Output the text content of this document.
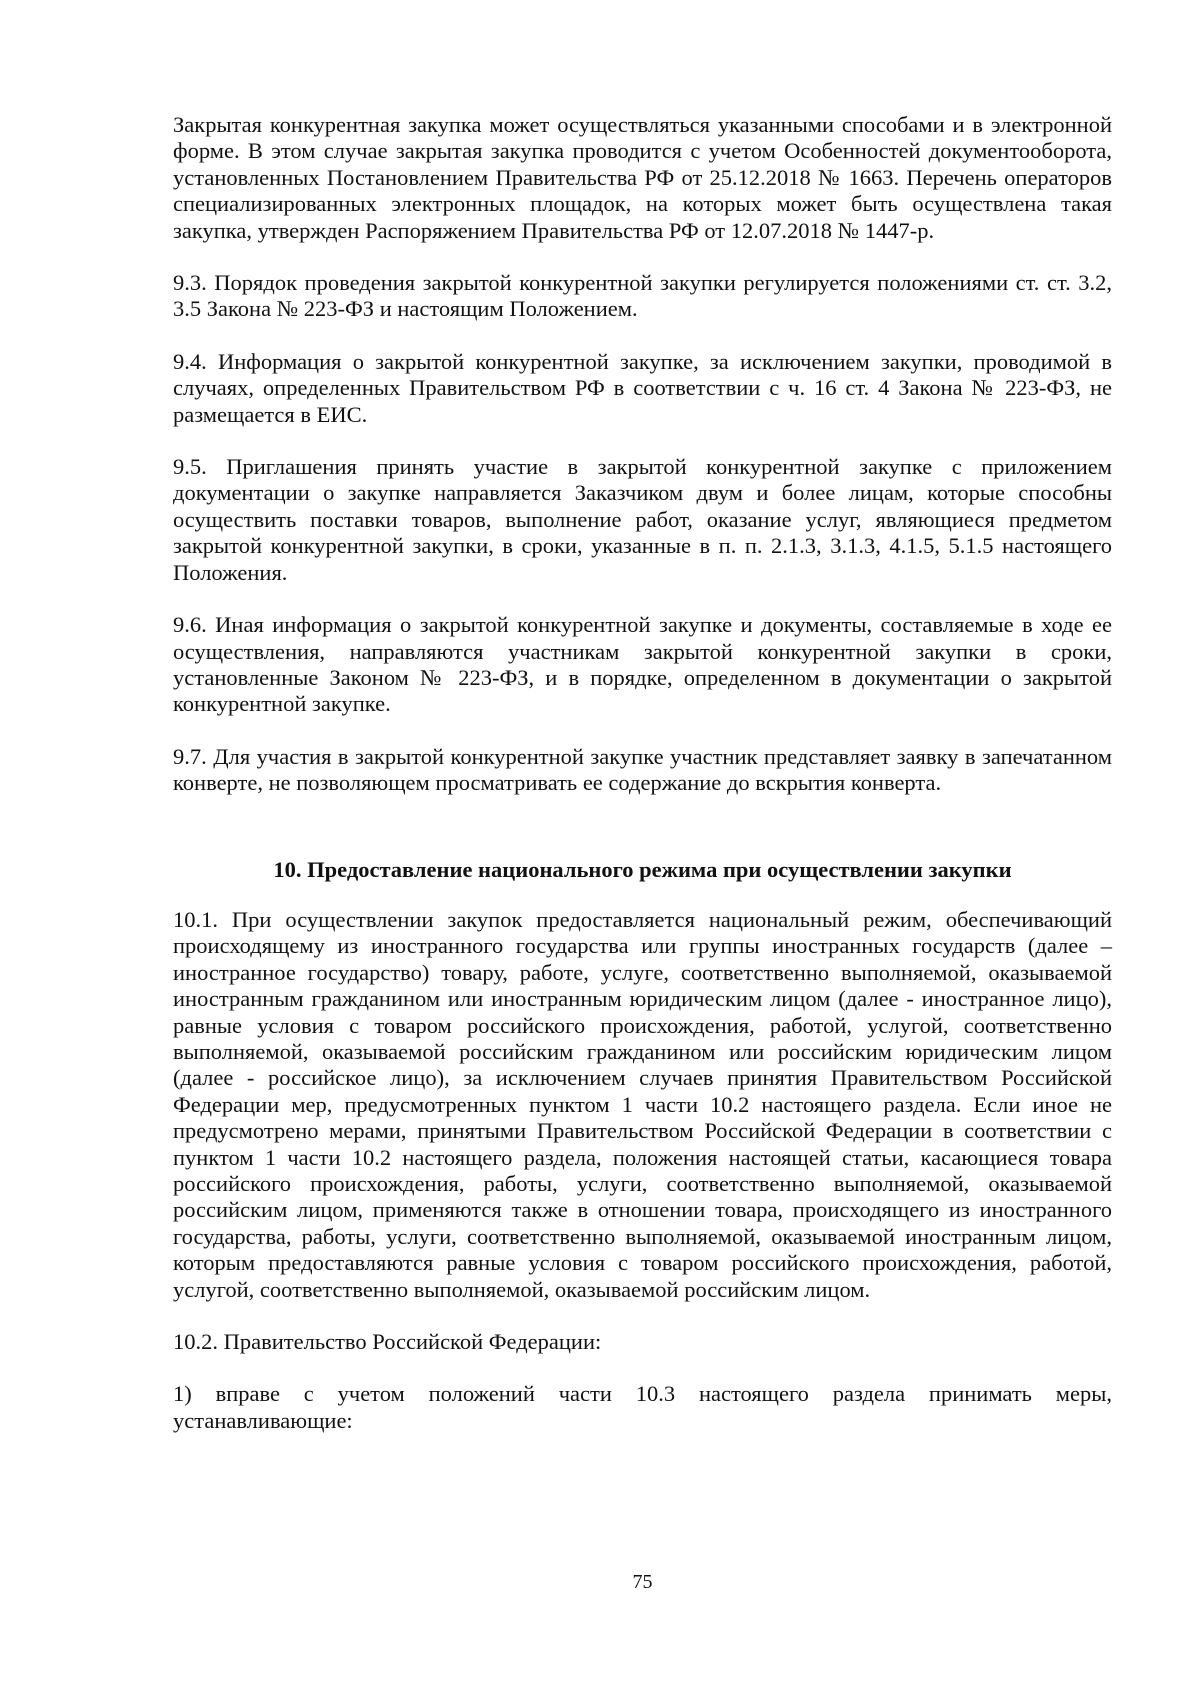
Закрытая конкурентная закупка может осуществляться указанными способами и в электронной форме. В этом случае закрытая закупка проводится с учетом Особенностей документооборота, установленных Постановлением Правительства РФ от 25.12.2018 № 1663. Перечень операторов специализированных электронных площадок, на которых может быть осуществлена такая закупка, утвержден Распоряжением Правительства РФ от 12.07.2018 № 1447-р.

9.3. Порядок проведения закрытой конкурентной закупки регулируется положениями ст. ст. 3.2, 3.5 Закона № 223-ФЗ и настоящим Положением.

9.4. Информация о закрытой конкурентной закупке, за исключением закупки, проводимой в случаях, определенных Правительством РФ в соответствии с ч. 16 ст. 4 Закона № 223-ФЗ, не размещается в ЕИС.

9.5. Приглашения принять участие в закрытой конкурентной закупке с приложением документации о закупке направляется Заказчиком двум и более лицам, которые способны осуществить поставки товаров, выполнение работ, оказание услуг, являющиеся предметом закрытой конкурентной закупки, в сроки, указанные в п. п. 2.1.3, 3.1.3, 4.1.5, 5.1.5 настоящего Положения.

9.6. Иная информация о закрытой конкурентной закупке и документы, составляемые в ходе ее осуществления, направляются участникам закрытой конкурентной закупки в сроки, установленные Законом № 223-ФЗ, и в порядке, определенном в документации о закрытой конкурентной закупке.

9.7. Для участия в закрытой конкурентной закупке участник представляет заявку в запечатанном конверте, не позволяющем просматривать ее содержание до вскрытия конверта.

10. Предоставление национального режима при осуществлении закупки

10.1. При осуществлении закупок предоставляется национальный режим, обеспечивающий происходящему из иностранного государства или группы иностранных государств (далее – иностранное государство) товару, работе, услуге, соответственно выполняемой, оказываемой иностранным гражданином или иностранным юридическим лицом (далее - иностранное лицо), равные условия с товаром российского происхождения, работой, услугой, соответственно выполняемой, оказываемой российским гражданином или российским юридическим лицом (далее - российское лицо), за исключением случаев принятия Правительством Российской Федерации мер, предусмотренных пунктом 1 части 10.2 настоящего раздела. Если иное не предусмотрено мерами, принятыми Правительством Российской Федерации в соответствии с пунктом 1 части 10.2 настоящего раздела, положения настоящей статьи, касающиеся товара российского происхождения, работы, услуги, соответственно выполняемой, оказываемой российским лицом, применяются также в отношении товара, происходящего из иностранного государства, работы, услуги, соответственно выполняемой, оказываемой иностранным лицом, которым предоставляются равные условия с товаром российского происхождения, работой, услугой, соответственно выполняемой, оказываемой российским лицом.

10.2. Правительство Российской Федерации:

1) вправе с учетом положений части 10.3 настоящего раздела принимать меры, устанавливающие:

75
